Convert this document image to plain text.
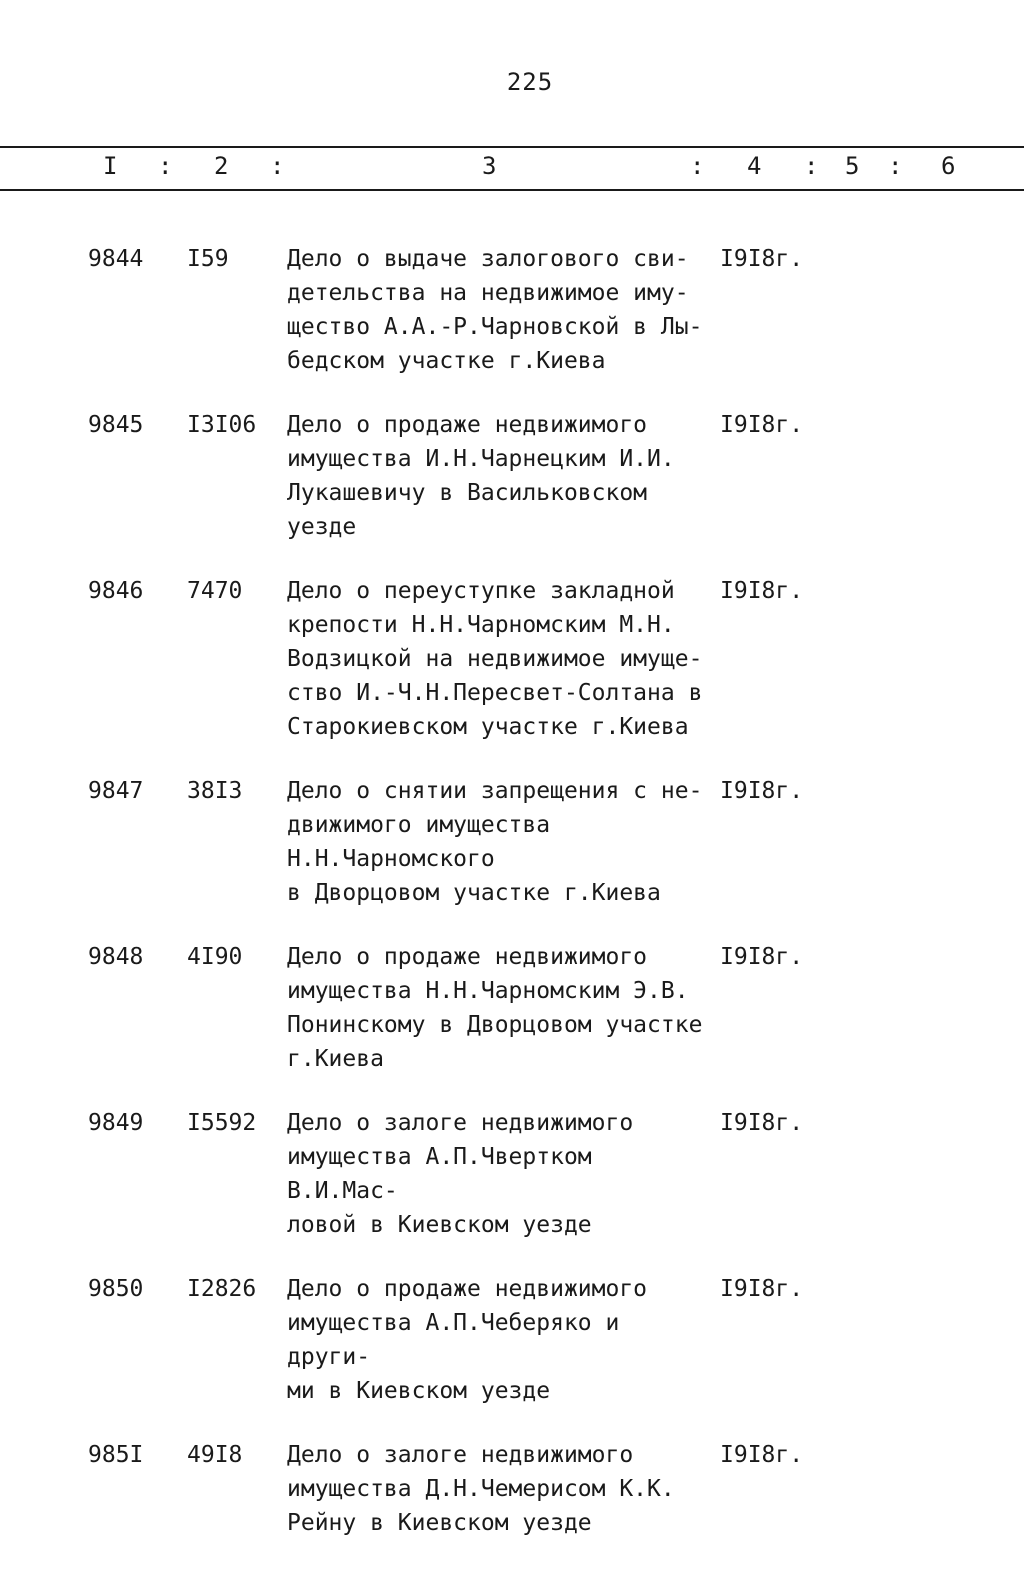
225
I : 2 :	3	: 4 : 5 : 6
9844 I59	Дело о выдаче залогового сви-
детельства на недвижимое иму-
щество А.А.-Р.Чарновской в Лы-
бедском участке г.Киева
I9I8г.
9845 I3I06 Дело о продаже недвижимого
имущества И.Н.Чарнецким И.И.
Лукашевичу в Васильковском уезде
I9I8г.
9846 7470 Дело о переуступке закладной
крепости Н.Н.Чарномским М.Н.
Водзицкой на недвижимое имуще-
ство И.-Ч.Н.Пересвет-Солтана в
Старокиевском участке г.Киева
I9I8г.
9847 38I3 Дело о снятии запрещения с не-
движимого имущества Н.Н.Чарномского
в Дворцовом участке г.Киева
I9I8г.
9848 4I90 Дело о продаже недвижимого
имущества Н.Н.Чарномским Э.В.
Понинскому в Дворцовом участке
г.Киева
I9I8г.
9849 I5592 Дело о залоге недвижимого
имущества А.П.Чвертком В.И.Мас-
ловой в Киевском уезде
I9I8г.
9850 I2826 Дело о продаже недвижимого
имущества А.П.Чеберяко и други-
ми в Киевском уезде
I9I8г.
985I 49I8 Дело о залоге недвижимого
имущества Д.Н.Чемерисом К.К.
Рейну в Киевском уезде
I9I8г.
